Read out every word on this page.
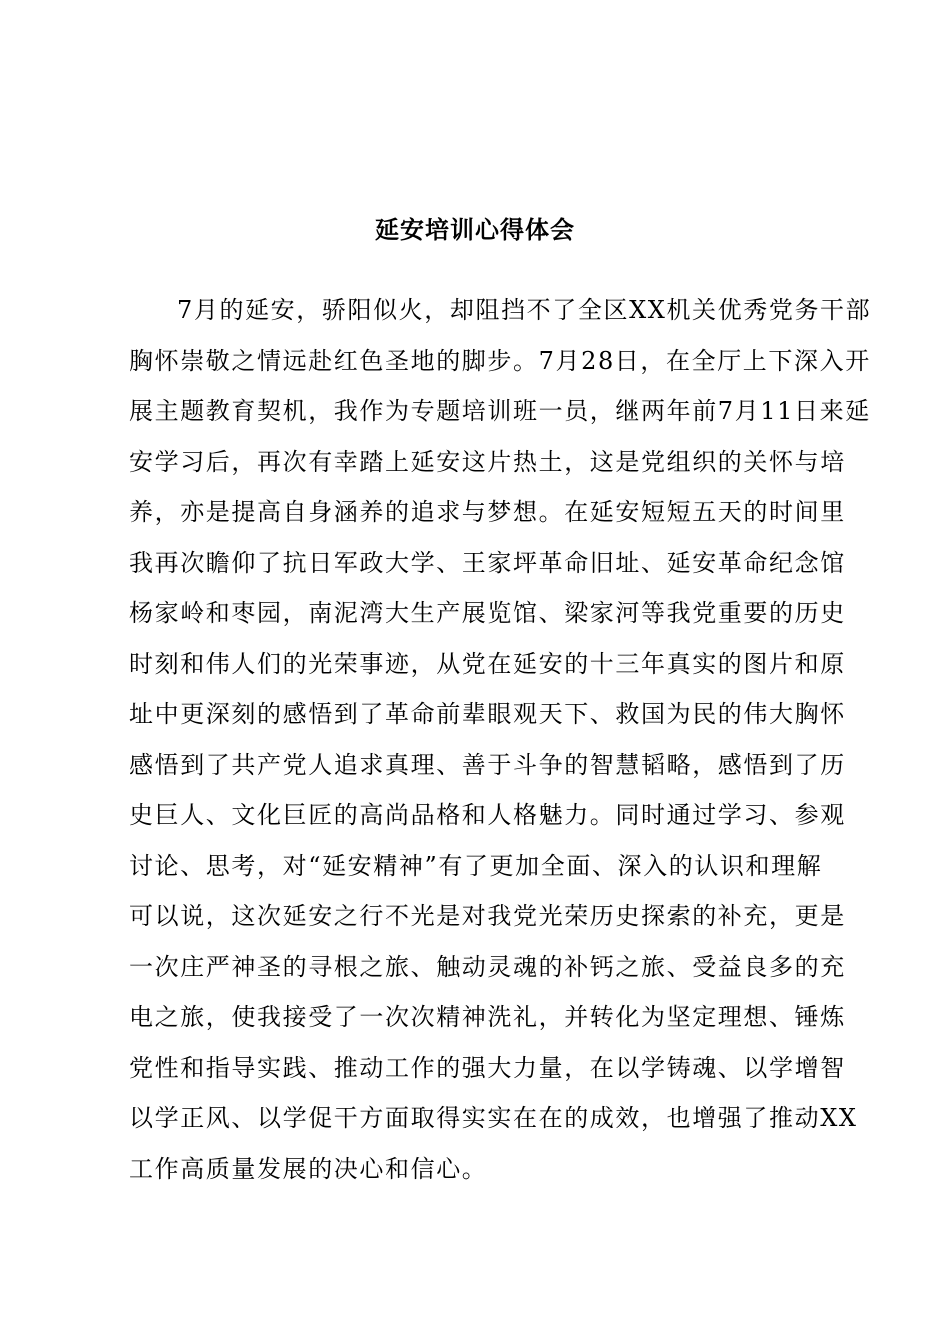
延安培训心得体会
7月的延安，骄阳似火，却阻挡不了全区XX机关优秀党务干部
胸怀崇敬之情远赴红色圣地的脚步。7月28日，在全厅上下深入开
展主题教育契机，我作为专题培训班一员，继两年前7月11日来延
安学习后，再次有幸踏上延安这片热土，这是党组织的关怀与培
养，亦是提高自身涵养的追求与梦想。在延安短短五天的时间里
我再次瞻仰了抗日军政大学、王家坪革命旧址、延安革命纪念馆
杨家岭和枣园，南泥湾大生产展览馆、梁家河等我党重要的历史
时刻和伟人们的光荣事迹，从党在延安的十三年真实的图片和原
址中更深刻的感悟到了革命前辈眼观天下、救国为民的伟大胸怀
感悟到了共产党人追求真理、善于斗争的智慧韬略，感悟到了历
史巨人、文化巨匠的高尚品格和人格魅力。同时通过学习、参观
讨论、思考，对“延安精神”有了更加全面、深入的认识和理解
可以说，这次延安之行不光是对我党光荣历史探索的补充，更是
一次庄严神圣的寻根之旅、触动灵魂的补钙之旅、受益良多的充
电之旅，使我接受了一次次精神洗礼，并转化为坚定理想、锤炼
党性和指导实践、推动工作的强大力量，在以学铸魂、以学增智
以学正风、以学促干方面取得实实在在的成效，也增强了推动XX
工作高质量发展的决心和信心。
